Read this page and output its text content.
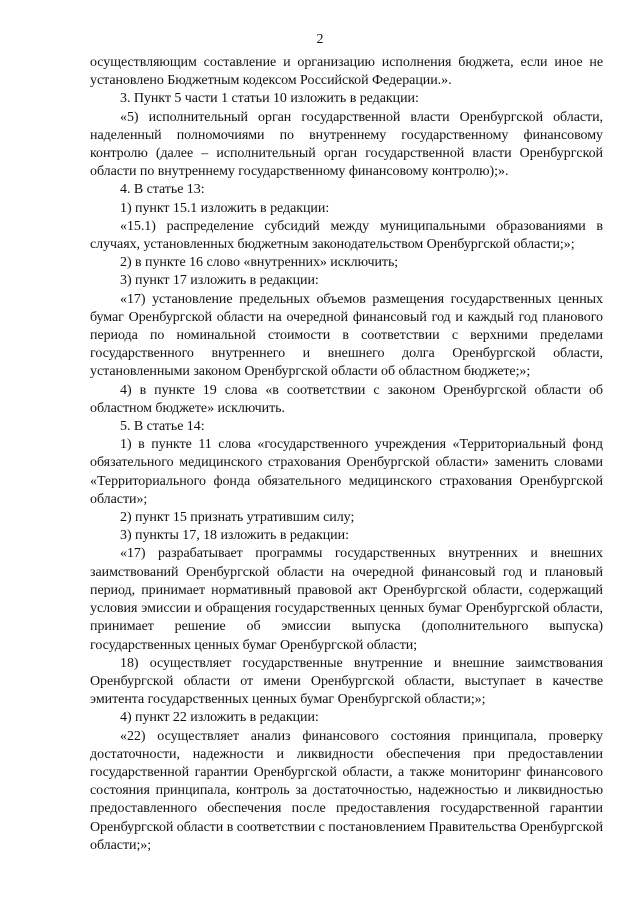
2

осуществляющим составление и организацию исполнения бюджета, если иное не установлено Бюджетным кодексом Российской Федерации.».

3. Пункт 5 части 1 статьи 10 изложить в редакции:

«5) исполнительный орган государственной власти Оренбургской области, наделенный полномочиями по внутреннему государственному финансовому контролю (далее – исполнительный орган государственной власти Оренбургской области по внутреннему государственному финансовому контролю);».

4. В статье 13:

1) пункт 15.1 изложить в редакции:

«15.1) распределение субсидий между муниципальными образованиями в случаях, установленных бюджетным законодательством Оренбургской области;»;

2) в пункте 16 слово «внутренних» исключить;

3) пункт 17 изложить в редакции:

«17) установление предельных объемов размещения государственных ценных бумаг Оренбургской области на очередной финансовый год и каждый год планового периода по номинальной стоимости в соответствии с верхними пределами государственного внутреннего и внешнего долга Оренбургской области, установленными законом Оренбургской области об областном бюджете;»;

4) в пункте 19 слова «в соответствии с законом Оренбургской области об областном бюджете» исключить.

5. В статье 14:

1) в пункте 11 слова «государственного учреждения «Территориальный фонд обязательного медицинского страхования Оренбургской области» заменить словами «Территориального фонда обязательного медицинского страхования Оренбургской области»;

2) пункт 15 признать утратившим силу;

3) пункты 17, 18 изложить в редакции:

«17) разрабатывает программы государственных внутренних и внешних заимствований Оренбургской области на очередной финансовый год и плановый период, принимает нормативный правовой акт Оренбургской области, содержащий условия эмиссии и обращения государственных ценных бумаг Оренбургской области, принимает решение об эмиссии выпуска (дополнительного выпуска) государственных ценных бумаг Оренбургской области;

18) осуществляет государственные внутренние и внешние заимствования Оренбургской области от имени Оренбургской области, выступает в качестве эмитента государственных ценных бумаг Оренбургской области;»;

4) пункт 22 изложить в редакции:

«22) осуществляет анализ финансового состояния принципала, проверку достаточности, надежности и ликвидности обеспечения при предоставлении государственной гарантии Оренбургской области, а также мониторинг финансового состояния принципала, контроль за достаточностью, надежностью и ликвидностью предоставленного обеспечения после предоставления государственной гарантии Оренбургской области в соответствии с постановлением Правительства Оренбургской области;»;
